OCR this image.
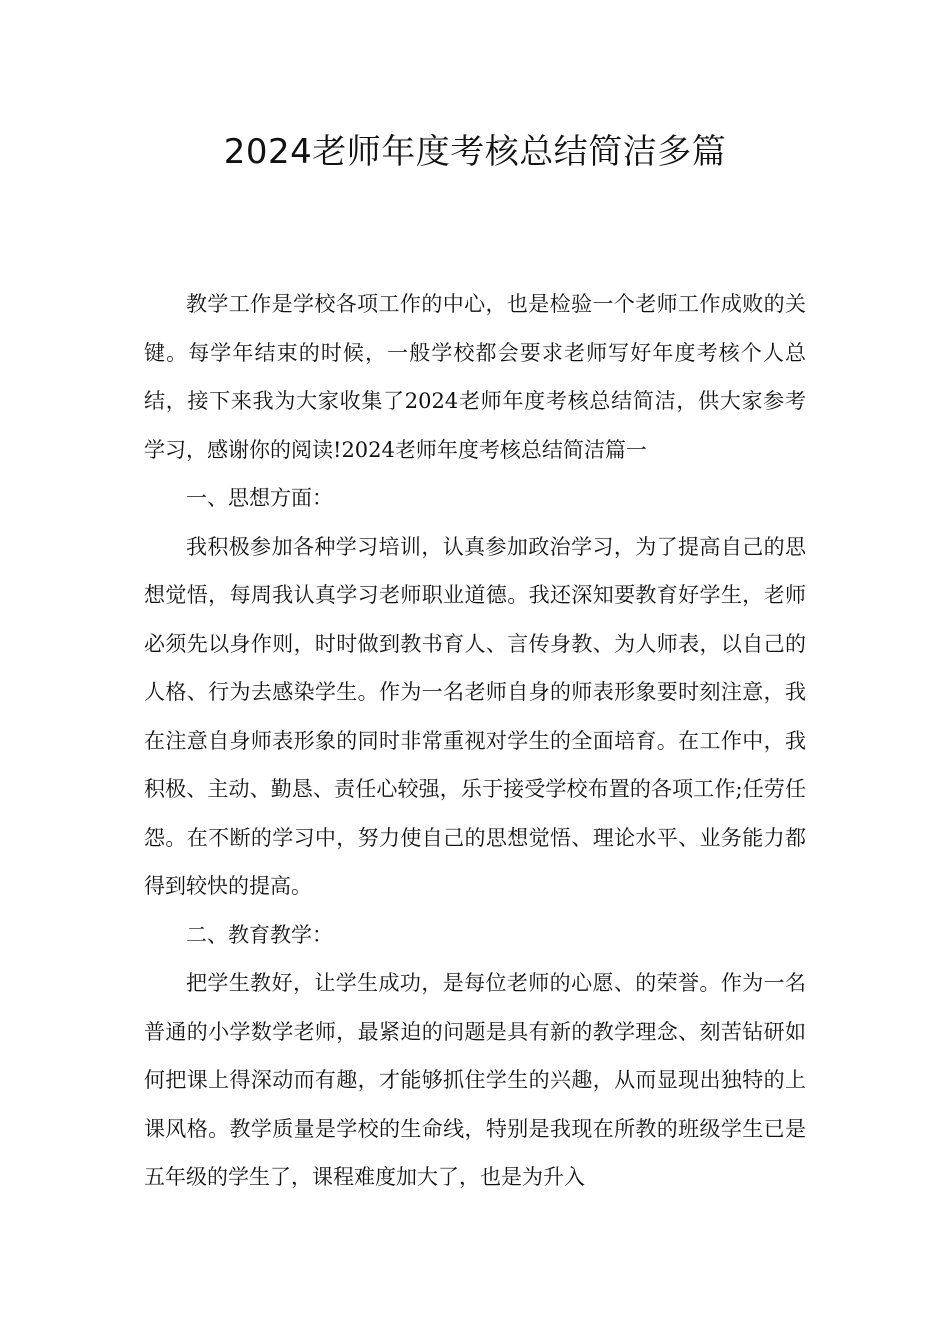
2024老师年度考核总结简洁多篇

教学工作是学校各项工作的中心，也是检验一个老师工作成败的关键。每学年结束的时候，一般学校都会要求老师写好年度考核个人总结，接下来我为大家收集了2024老师年度考核总结简洁，供大家参考学习，感谢你的阅读!2024老师年度考核总结简洁篇一

一、思想方面：

我积极参加各种学习培训，认真参加政治学习，为了提高自己的思想觉悟，每周我认真学习老师职业道德。我还深知要教育好学生，老师必须先以身作则，时时做到教书育人、言传身教、为人师表，以自己的人格、行为去感染学生。作为一名老师自身的师表形象要时刻注意，我在注意自身师表形象的同时非常重视对学生的全面培育。在工作中，我积极、主动、勤恳、责任心较强，乐于接受学校布置的各项工作;任劳任怨。在不断的学习中，努力使自己的思想觉悟、理论水平、业务能力都得到较快的提高。

二、教育教学：

把学生教好，让学生成功，是每位老师的心愿、的荣誉。作为一名普通的小学数学老师，最紧迫的问题是具有新的教学理念、刻苦钻研如何把课上得深动而有趣，才能够抓住学生的兴趣，从而显现出独特的上课风格。教学质量是学校的生命线，特别是我现在所教的班级学生已是五年级的学生了，课程难度加大了，也是为升入
